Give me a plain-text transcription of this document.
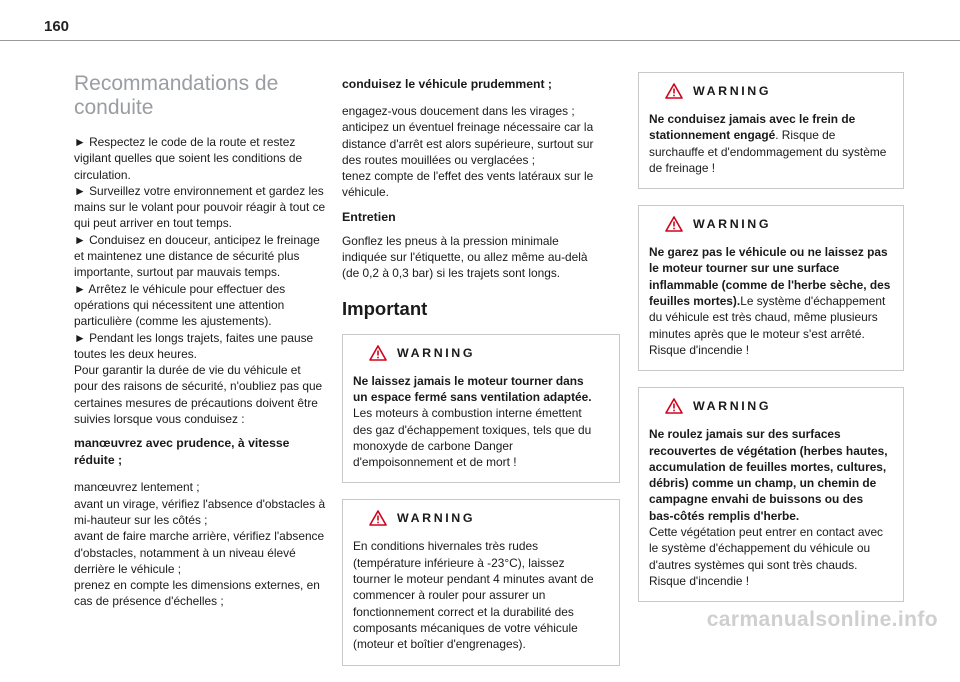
160
Recommandations de
conduite

► Respectez le code de la route et restez

vigilant quelles que soient les conditions de

circulation.

► Surveillez votre environnement et gardez les

mains sur le volant pour pouvoir réagir à tout ce

qui peut arriver en tout temps.

► Conduisez en douceur, anticipez le freinage

et maintenez une distance de sécurité plus

importante, surtout par mauvais temps.

► Arrêtez le véhicule pour effectuer des

opérations qui nécessitent une attention

particulière (comme les ajustements).

► Pendant les longs trajets, faites une pause

toutes les deux heures.

Pour garantir la durée de vie du véhicule et

pour des raisons de sécurité, n'oubliez pas que

certaines mesures de précautions doivent être

suivies lorsque vous conduisez :

manœuvrez avec prudence, à vitesse
réduite ;

manœuvrez lentement ;

avant un virage, vérifiez l'absence d'obstacles à

mi-hauteur sur les côtés ;

avant de faire marche arrière, vérifiez l'absence

d'obstacles, notamment à un niveau élevé

derrière le véhicule ;

prenez en compte les dimensions externes, en

cas de présence d'échelles ;

conduisez le véhicule prudemment ;

engagez-vous doucement dans les virages ;

anticipez un éventuel freinage nécessaire car la

distance d'arrêt est alors supérieure, surtout sur

des routes mouillées ou verglacées ;

tenez compte de l'effet des vents latéraux sur le

véhicule.

Entretien

Gonflez les pneus à la pression minimale

indiquée sur l'étiquette, ou allez même au-delà

(de 0,2 à 0,3 bar) si les trajets sont longs.

Important
WARNING

Ne laissez jamais le moteur tourner dans

un espace fermé sans ventilation adaptée.

Les moteurs à combustion interne émettent

des gaz d'échappement toxiques, tels que du

monoxyde de carbone Danger

d'empoisonnement et de mort !

WARNING

En conditions hivernales très rudes

(température inférieure à -23°C), laissez

tourner le moteur pendant 4 minutes avant de

commencer à rouler pour assurer un

fonctionnement correct et la durabilité des

composants mécaniques de votre véhicule

(moteur et boîtier d'engrenages).

WARNING

Ne conduisez jamais avec le frein de

stationnement engagé. Risque de

surchauffe et d'endommagement du système

de freinage !

WARNING

Ne garez pas le véhicule ou ne laissez pas

le moteur tourner sur une surface

inflammable (comme de l'herbe sèche, des

feuilles mortes).Le système d'échappement

du véhicule est très chaud, même plusieurs

minutes après que le moteur s'est arrêté.

Risque d'incendie !

WARNING

Ne roulez jamais sur des surfaces

recouvertes de végétation (herbes hautes,

accumulation de feuilles mortes, cultures,

débris) comme un champ, un chemin de

campagne envahi de buissons ou des

bas-côtés remplis d'herbe.

Cette végétation peut entrer en contact avec

le système d'échappement du véhicule ou

d'autres systèmes qui sont très chauds.

Risque d'incendie !

carmanualsonline.info
